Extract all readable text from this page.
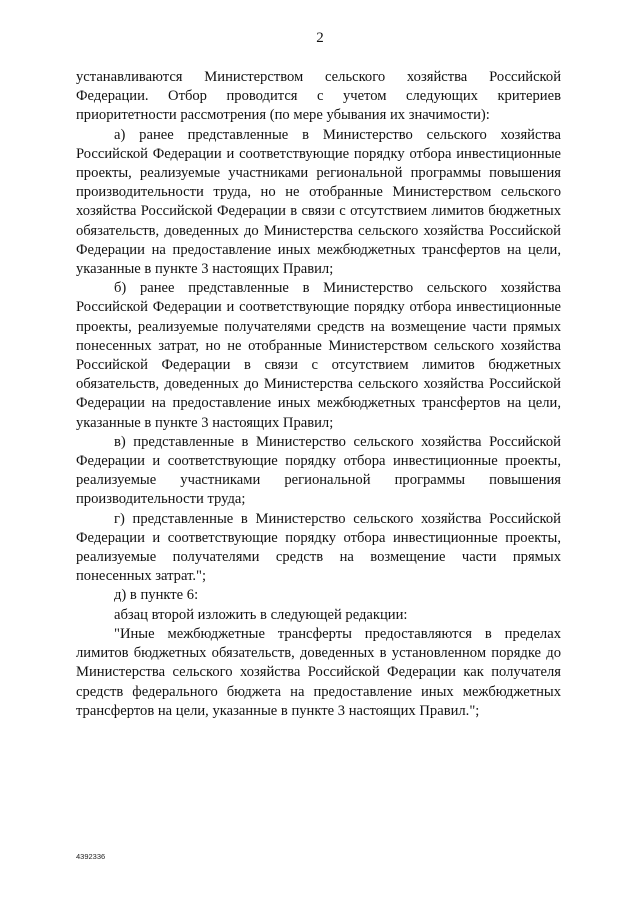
2

устанавливаются Министерством сельского хозяйства Российской Федерации. Отбор проводится с учетом следующих критериев приоритетности рассмотрения (по мере убывания их значимости):

а) ранее представленные в Министерство сельского хозяйства Российской Федерации и соответствующие порядку отбора инвестиционные проекты, реализуемые участниками региональной программы повышения производительности труда, но не отобранные Министерством сельского хозяйства Российской Федерации в связи с отсутствием лимитов бюджетных обязательств, доведенных до Министерства сельского хозяйства Российской Федерации на предоставление иных межбюджетных трансфертов на цели, указанные в пункте 3 настоящих Правил;

б) ранее представленные в Министерство сельского хозяйства Российской Федерации и соответствующие порядку отбора инвестиционные проекты, реализуемые получателями средств на возмещение части прямых понесенных затрат, но не отобранные Министерством сельского хозяйства Российской Федерации в связи с отсутствием лимитов бюджетных обязательств, доведенных до Министерства сельского хозяйства Российской Федерации на предоставление иных межбюджетных трансфертов на цели, указанные в пункте 3 настоящих Правил;

в) представленные в Министерство сельского хозяйства Российской Федерации и соответствующие порядку отбора инвестиционные проекты, реализуемые участниками региональной программы повышения производительности труда;

г) представленные в Министерство сельского хозяйства Российской Федерации и соответствующие порядку отбора инвестиционные проекты, реализуемые получателями средств на возмещение части прямых понесенных затрат.";

д) в пункте 6:

абзац второй изложить в следующей редакции:

"Иные межбюджетные трансферты предоставляются в пределах лимитов бюджетных обязательств, доведенных в установленном порядке до Министерства сельского хозяйства Российской Федерации как получателя средств федерального бюджета на предоставление иных межбюджетных трансфертов на цели, указанные в пункте 3 настоящих Правил.";

4392336
